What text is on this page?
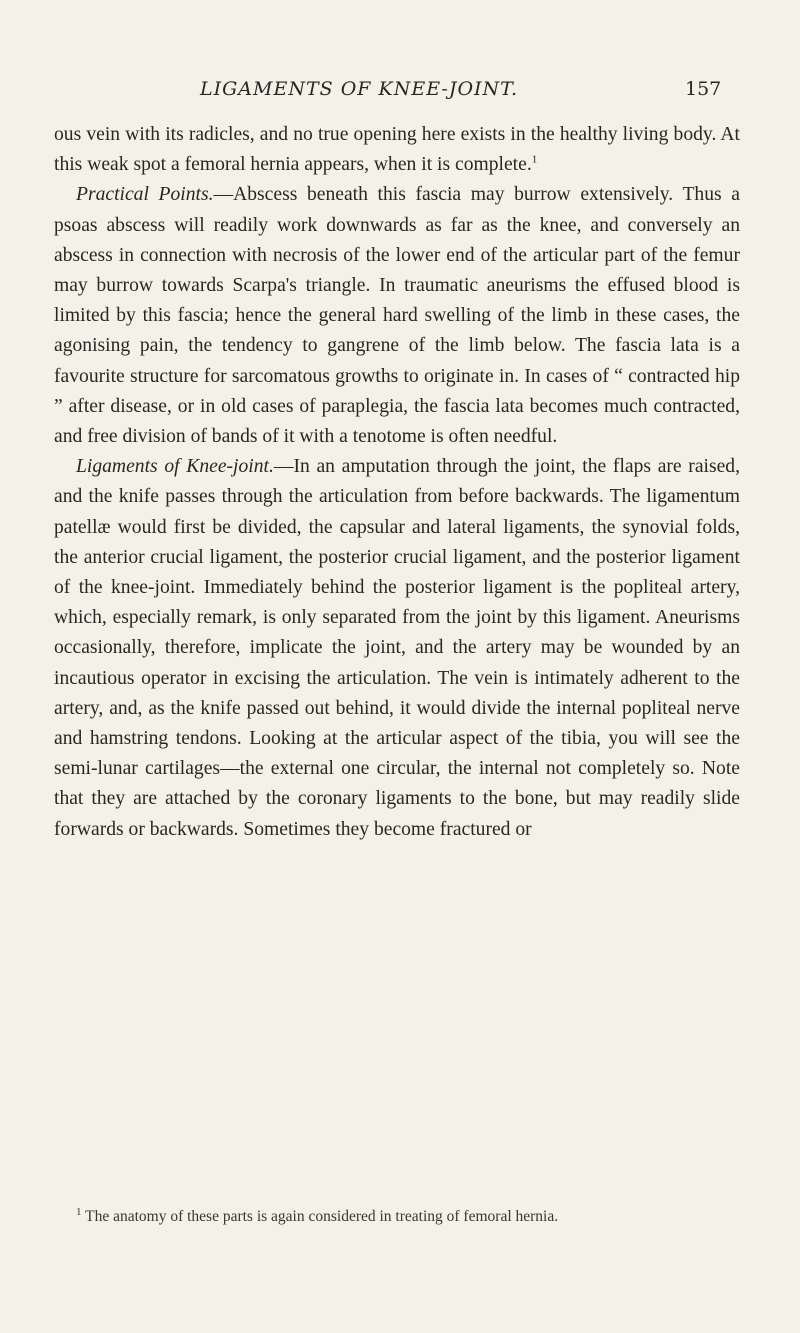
LIGAMENTS OF KNEE-JOINT.	157

ous vein with its radicles, and no true opening here exists in the healthy living body. At this weak spot a femoral hernia appears, when it is complete.$^1$

Practical Points.—Abscess beneath this fascia may burrow extensively. Thus a psoas abscess will readily work downwards as far as the knee, and conversely an abscess in connection with necrosis of the lower end of the articular part of the femur may burrow towards Scarpa's triangle. In traumatic aneurisms the effused blood is limited by this fascia; hence the general hard swelling of the limb in these cases, the agonising pain, the tendency to gangrene of the limb below. The fascia lata is a favourite structure for sarcomatous growths to originate in. In cases of “ contracted hip ” after disease, or in old cases of paraplegia, the fascia lata becomes much contracted, and free division of bands of it with a tenotome is often needful.

Ligaments of Knee-joint.—In an amputation through the joint, the flaps are raised, and the knife passes through the articulation from before backwards. The ligamentum patellæ would first be divided, the capsular and lateral ligaments, the synovial folds, the anterior crucial ligament, the posterior crucial ligament, and the posterior ligament of the knee-joint. Immediately behind the posterior ligament is the popliteal artery, which, especially remark, is only separated from the joint by this ligament. Aneurisms occasionally, therefore, implicate the joint, and the artery may be wounded by an incautious operator in excising the articulation. The vein is intimately adherent to the artery, and, as the knife passed out behind, it would divide the internal popliteal nerve and hamstring tendons. Looking at the articular aspect of the tibia, you will see the semi-lunar cartilages—the external one circular, the internal not completely so. Note that they are attached by the coronary ligaments to the bone, but may readily slide forwards or backwards. Sometimes they become fractured or

$^1$ The anatomy of these parts is again considered in treating of femoral hernia.
